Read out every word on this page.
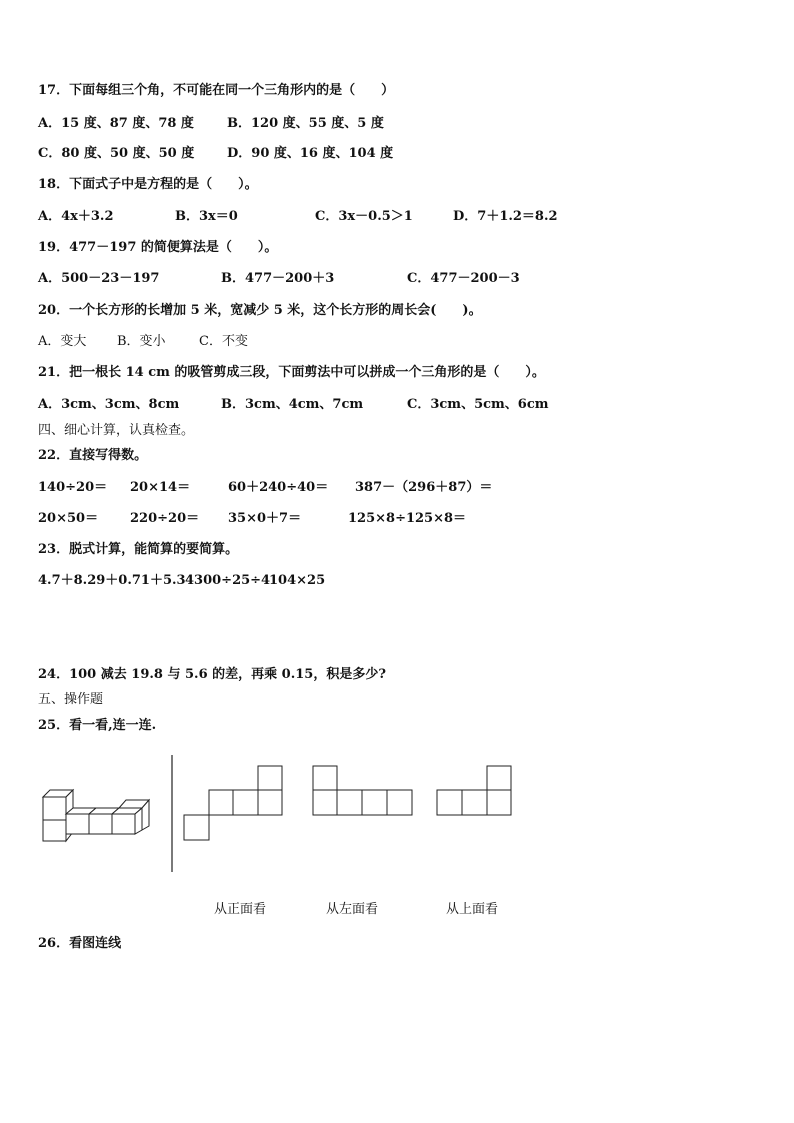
17．下面每组三个角，不可能在同一个三角形内的是（　　）
A．15 度、87 度、78 度	B．120 度、55 度、5 度
C．80 度、50 度、50 度	D．90 度、16 度、104 度
18．下面式子中是方程的是（　　）。
A．4x＋3.2	B．3x＝0	C．3x－0.5＞1	D．7＋1.2＝8.2
19．477－197 的简便算法是（　　）。
A．500－23－197	B．477－200＋3	C．477－200－3
20．一个长方形的长增加 5 米，宽减少 5 米，这个长方形的周长会(　　)。
A．变大 B．变小	C．不变
21．把一根长 14 cm 的吸管剪成三段，下面剪法中可以拼成一个三角形的是（　　）。
A．3cm、3cm、8cm	B．3cm、4cm、7cm	C．3cm、5cm、6cm
四、细心计算，认真检查。
22．直接写得数。
140÷20＝ 20×14＝	60＋240÷40＝ 387－（296＋87）＝
20×50＝ 220÷20＝ 35×0＋7＝	125×8÷125×8＝
23．脱式计算，能简算的要简算。
4.7＋8.29＋0.71＋5.3 4300÷25÷4
104×25
24．100 减去 19.8 与 5.6 的差，再乘 0.15，积是多少?
五、操作题
25．看一看,连一连.
从正面看	从左面看	从上面看
26．看图连线
